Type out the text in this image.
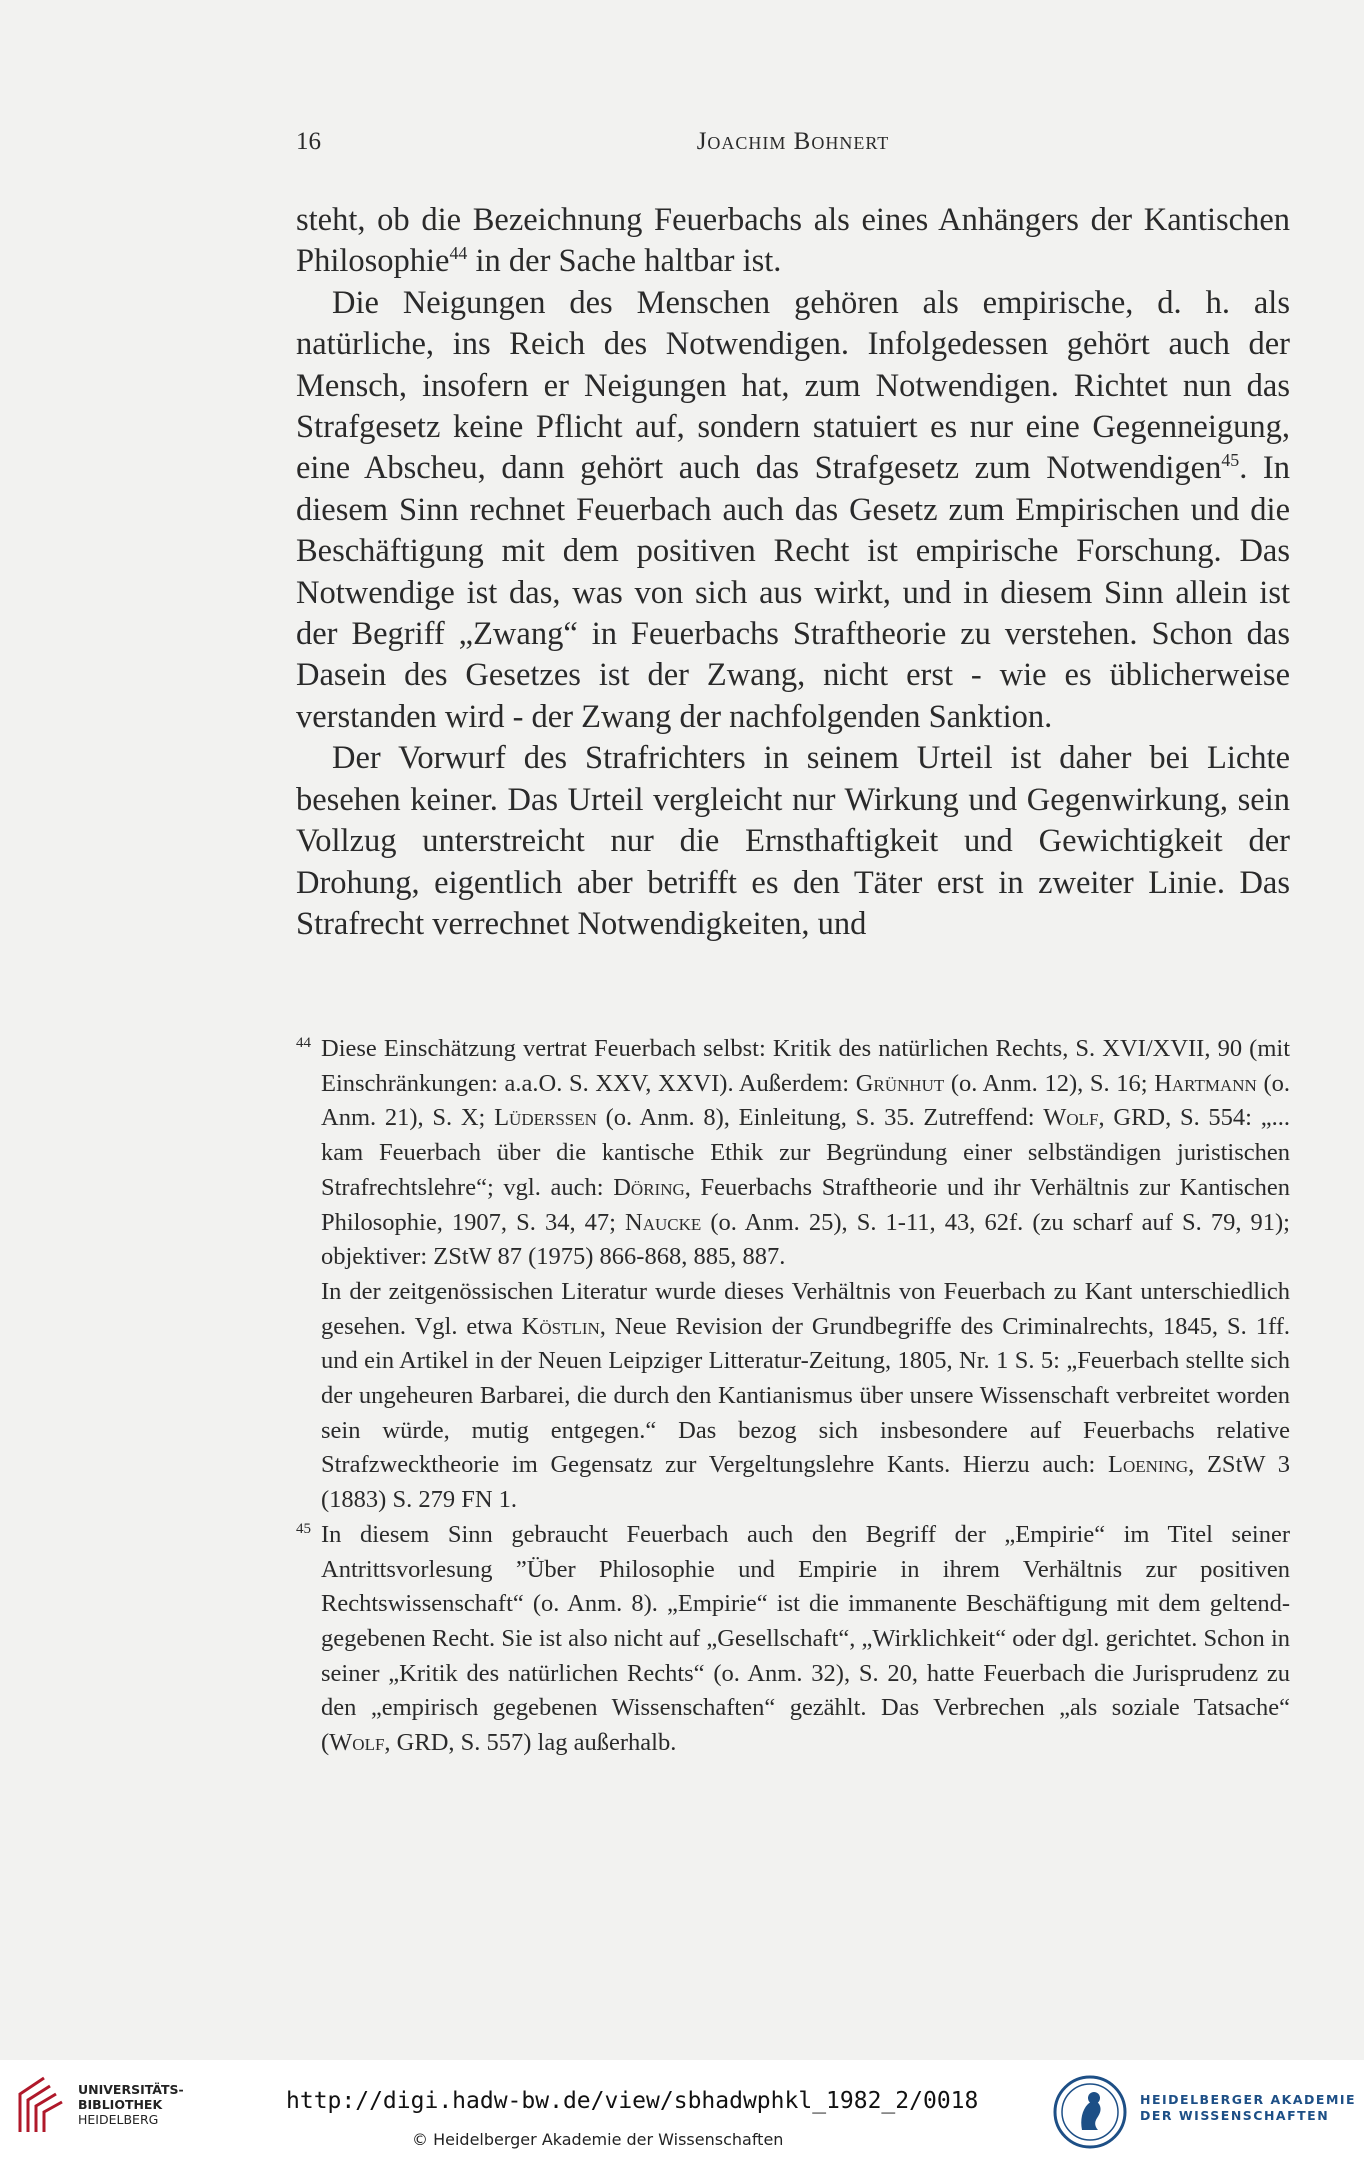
16	Joachim Bohnert

steht, ob die Bezeichnung Feuerbachs als eines Anhängers der Kantischen Philosophie$^{44}$ in der Sache haltbar ist.

Die Neigungen des Menschen gehören als empirische, d. h. als natürliche, ins Reich des Notwendigen. Infolgedessen gehört auch der Mensch, insofern er Neigungen hat, zum Notwendigen. Richtet nun das Strafgesetz keine Pflicht auf, sondern statuiert es nur eine Gegenneigung, eine Abscheu, dann gehört auch das Strafgesetz zum Notwendigen$^{45}$. In diesem Sinn rechnet Feuerbach auch das Gesetz zum Empirischen und die Beschäftigung mit dem positiven Recht ist empirische Forschung. Das Notwendige ist das, was von sich aus wirkt, und in diesem Sinn allein ist der Begriff „Zwang“ in Feuerbachs Straftheorie zu verstehen. Schon das Dasein des Gesetzes ist der Zwang, nicht erst - wie es üblicherweise verstanden wird - der Zwang der nachfolgenden Sanktion.

Der Vorwurf des Strafrichters in seinem Urteil ist daher bei Lichte besehen keiner. Das Urteil vergleicht nur Wirkung und Gegenwirkung, sein Vollzug unterstreicht nur die Ernsthaftigkeit und Gewichtigkeit der Drohung, eigentlich aber betrifft es den Täter erst in zweiter Linie. Das Strafrecht verrechnet Notwendigkeiten, und

44 Diese Einschätzung vertrat Feuerbach selbst: Kritik des natürlichen Rechts, S. XVI/XVII, 90 (mit Einschränkungen: a.a.O. S. XXV, XXVI). Außerdem: Grünhut (o. Anm. 12), S. 16; Hartmann (o. Anm. 21), S. X; Lüderssen (o. Anm. 8), Einleitung, S. 35. Zutreffend: Wolf, GRD, S. 554: „... kam Feuerbach über die kantische Ethik zur Begründung einer selbständigen juristischen Strafrechtslehre“; vgl. auch: Döring, Feuerbachs Straftheorie und ihr Verhältnis zur Kantischen Philosophie, 1907, S. 34, 47; Naucke (o. Anm. 25), S. 1-11, 43, 62f. (zu scharf auf S. 79, 91); objektiver: ZStW 87 (1975) 866-868, 885, 887.

In der zeitgenössischen Literatur wurde dieses Verhältnis von Feuerbach zu Kant unterschiedlich gesehen. Vgl. etwa Köstlin, Neue Revision der Grundbegriffe des Criminalrechts, 1845, S. 1ff. und ein Artikel in der Neuen Leipziger Litteratur-Zeitung, 1805, Nr. 1 S. 5: „Feuerbach stellte sich der ungeheuren Barbarei, die durch den Kantianismus über unsere Wissenschaft verbreitet worden sein würde, mutig entgegen.“ Das bezog sich insbesondere auf Feuerbachs relative Strafzwecktheorie im Gegensatz zur Vergeltungslehre Kants. Hierzu auch: Loening, ZStW 3 (1883) S. 279 FN 1.

45 In diesem Sinn gebraucht Feuerbach auch den Begriff der „Empirie“ im Titel seiner Antrittsvorlesung ”Über Philosophie und Empirie in ihrem Verhältnis zur positiven Rechtswissenschaft“ (o. Anm. 8). „Empirie“ ist die immanente Beschäftigung mit dem geltend-gegebenen Recht. Sie ist also nicht auf „Gesellschaft“, „Wirklichkeit“ oder dgl. gerichtet. Schon in seiner „Kritik des natürlichen Rechts“ (o. Anm. 32), S. 20, hatte Feuerbach die Jurisprudenz zu den „empirisch gegebenen Wissenschaften“ gezählt. Das Verbrechen „als soziale Tatsache“ (Wolf, GRD, S. 557) lag außerhalb.

UNIVERSITÄTS-
BIBLIOTHEK
HEIDELBERG
http://digi.hadw-bw.de/view/sbhadwphkl_1982_2/0018
© Heidelberger Akademie der Wissenschaften
HEIDELBERGER AKADEMIE
DER WISSENSCHAFTEN
